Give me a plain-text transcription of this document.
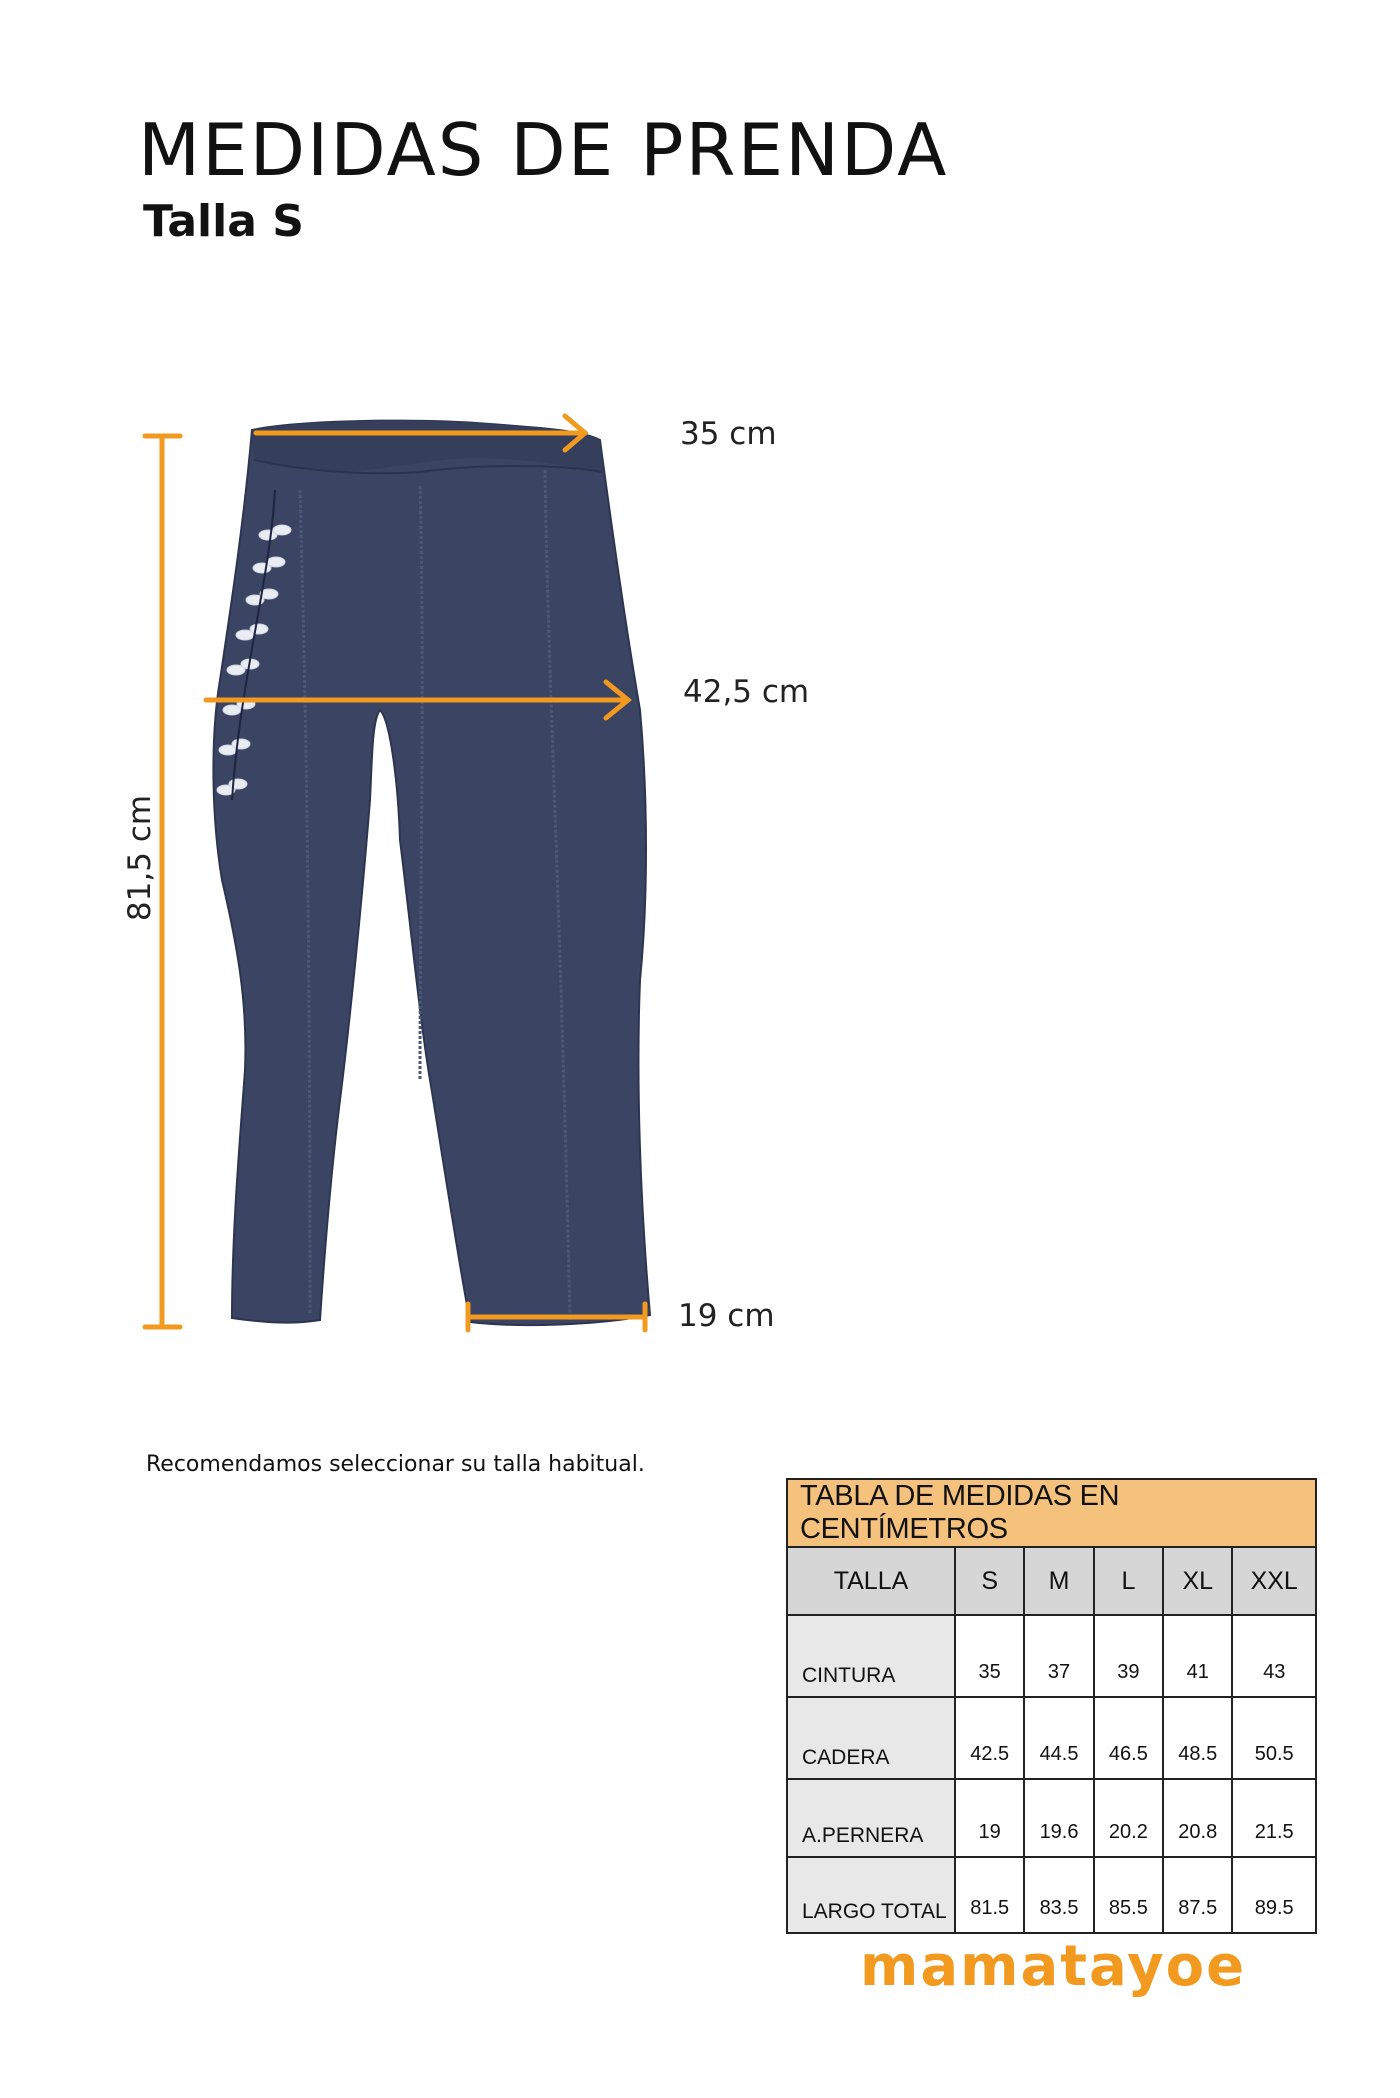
MEDIDAS DE PRENDA
Talla S
35 cm
42,5 cm
19 cm
81,5 cm

Recomendamos seleccionar su talla habitual.

TABLA DE MEDIDAS EN CENTÍMETROS					
TALLA	S	M	L	XL	XXL
CINTURA	35	37	39	41	43
CADERA	42.5	44.5	46.5	48.5	50.5
A.PERNERA	19	19.6	20.2	20.8	21.5
LARGO TOTAL	81.5	83.5	85.5	87.5	89.5
mamatayoe
